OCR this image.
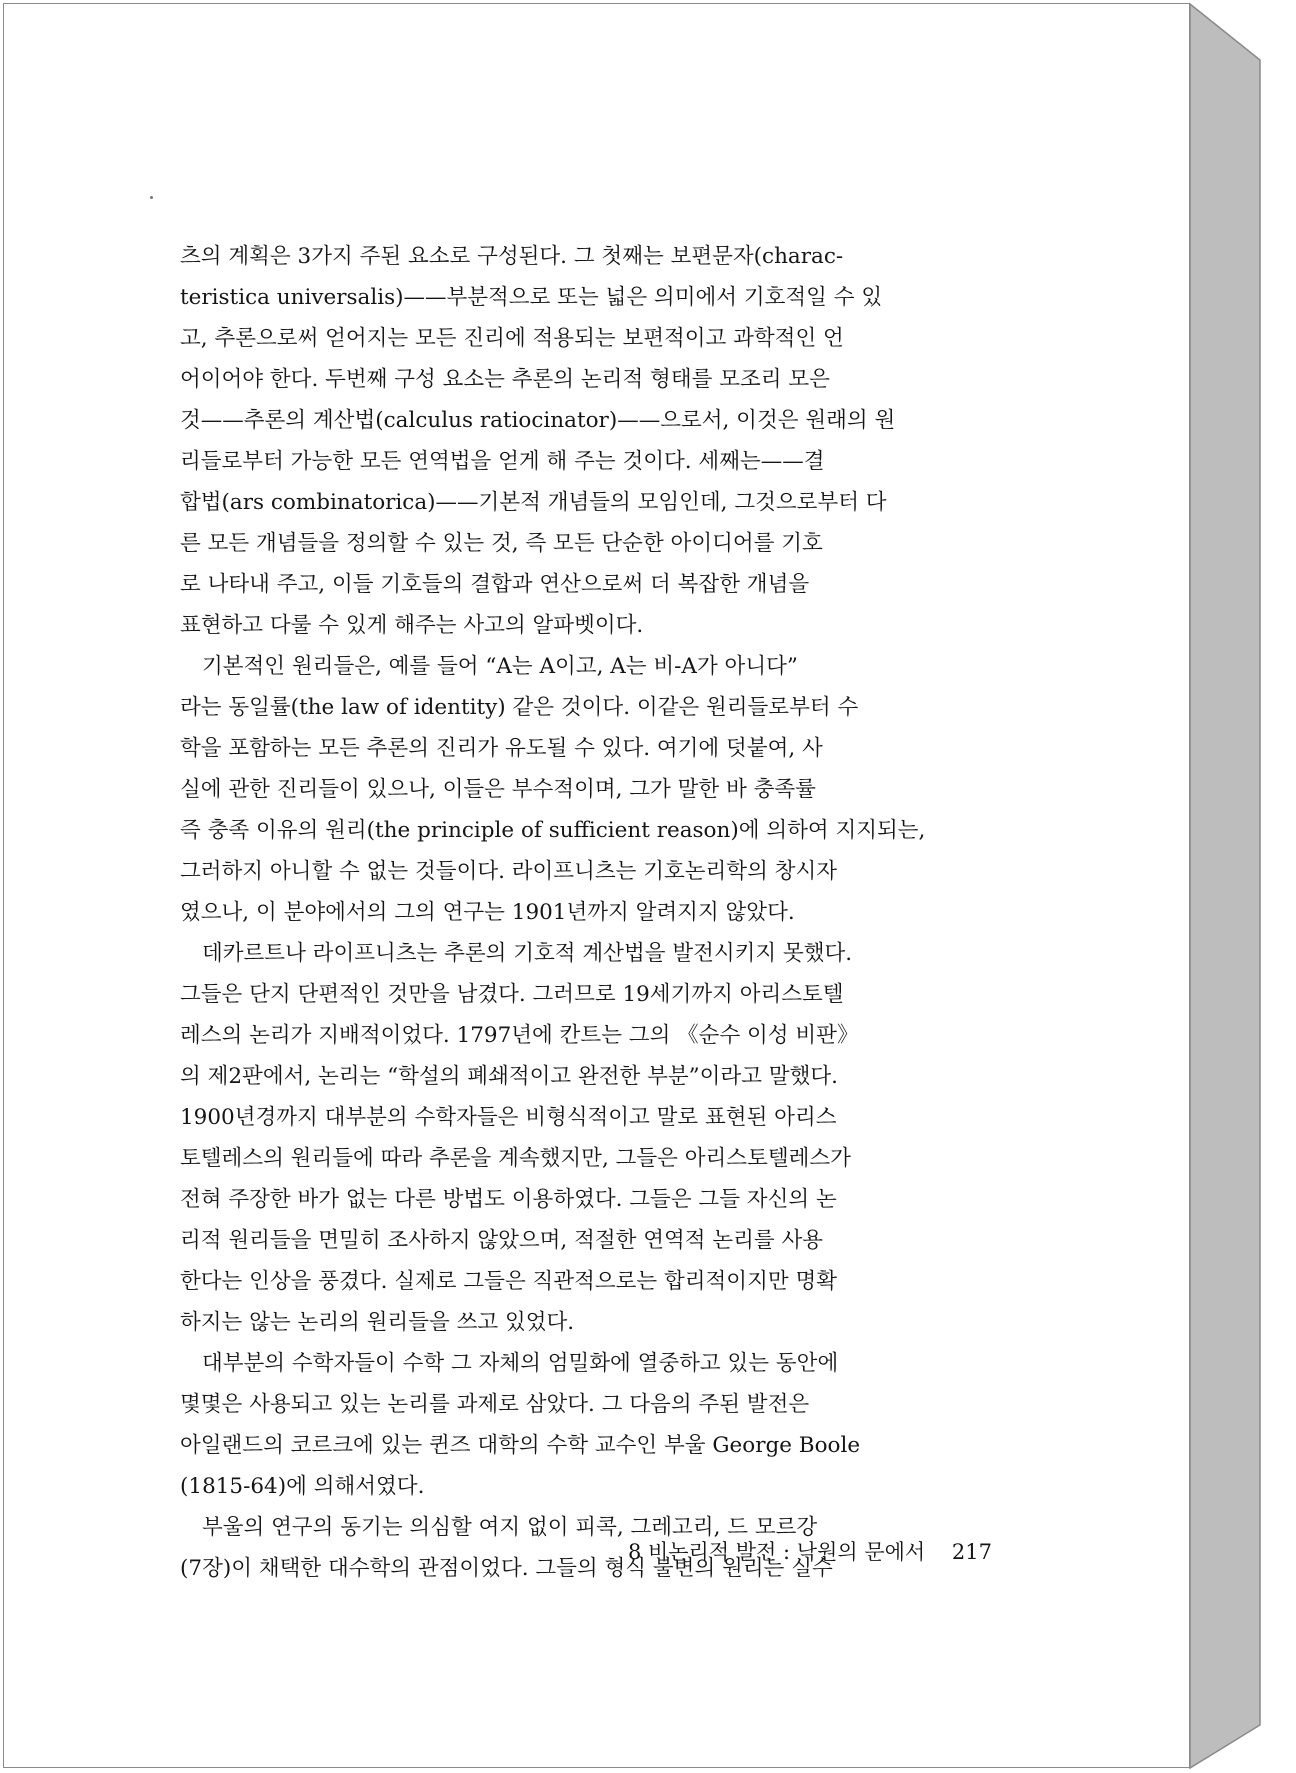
츠의 계획은 3가지 주된 요소로 구성된다. 그 첫째는 보편문자(charac-
teristica universalis)——부분적으로 또는 넓은 의미에서 기호적일 수 있
고, 추론으로써 얻어지는 모든 진리에 적용되는 보편적이고 과학적인 언
어이어야 한다. 두번째 구성 요소는 추론의 논리적 형태를 모조리 모은
것——추론의 계산법(calculus ratiocinator)——으로서, 이것은 원래의 원
리들로부터 가능한 모든 연역법을 얻게 해 주는 것이다. 세째는——결
합법(ars combinatorica)——기본적 개념들의 모임인데, 그것으로부터 다
른 모든 개념들을 정의할 수 있는 것, 즉 모든 단순한 아이디어를 기호
로 나타내 주고, 이들 기호들의 결합과 연산으로써 더 복잡한 개념을
표현하고 다룰 수 있게 해주는 사고의 알파벳이다.

기본적인 원리들은, 예를 들어 “A는 A이고, A는 비-A가 아니다”
라는 동일률(the law of identity) 같은 것이다. 이같은 원리들로부터 수
학을 포함하는 모든 추론의 진리가 유도될 수 있다. 여기에 덧붙여, 사
실에 관한 진리들이 있으나, 이들은 부수적이며, 그가 말한 바 충족률
즉 충족 이유의 원리(the principle of sufficient reason)에 의하여 지지되는,
그러하지 아니할 수 없는 것들이다. 라이프니츠는 기호논리학의 창시자
였으나, 이 분야에서의 그의 연구는 1901년까지 알려지지 않았다.

데카르트나 라이프니츠는 추론의 기호적 계산법을 발전시키지 못했다.
그들은 단지 단편적인 것만을 남겼다. 그러므로 19세기까지 아리스토텔
레스의 논리가 지배적이었다. 1797년에 칸트는 그의 《순수 이성 비판》
의 제2판에서, 논리는 “학설의 폐쇄적이고 완전한 부분”이라고 말했다.
1900년경까지 대부분의 수학자들은 비형식적이고 말로 표현된 아리스
토텔레스의 원리들에 따라 추론을 계속했지만, 그들은 아리스토텔레스가
전혀 주장한 바가 없는 다른 방법도 이용하였다. 그들은 그들 자신의 논
리적 원리들을 면밀히 조사하지 않았으며, 적절한 연역적 논리를 사용
한다는 인상을 풍겼다. 실제로 그들은 직관적으로는 합리적이지만 명확
하지는 않는 논리의 원리들을 쓰고 있었다.

대부분의 수학자들이 수학 그 자체의 엄밀화에 열중하고 있는 동안에
몇몇은 사용되고 있는 논리를 과제로 삼았다. 그 다음의 주된 발전은
아일랜드의 코르크에 있는 퀸즈 대학의 수학 교수인 부울 George Boole
(1815-64)에 의해서였다.

부울의 연구의 동기는 의심할 여지 없이 피콕, 그레고리, 드 모르강
(7장)이 채택한 대수학의 관점이었다. 그들의 형식 불변의 원리는 실수

8 비논리적 발전 : 낙원의 문에서 217
